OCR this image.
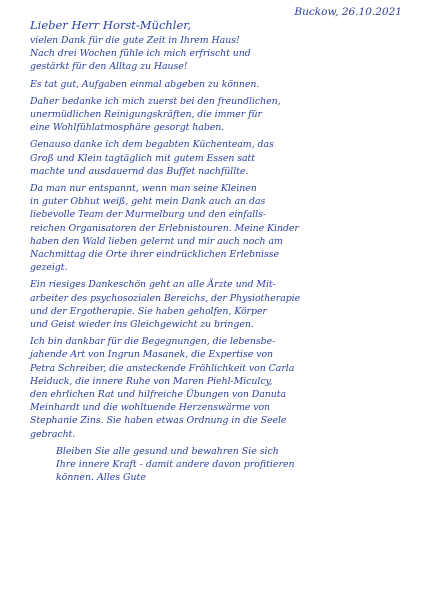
Buckow, 26.10.2021
Lieber Herr Horst-Müchler,
vielen Dank für die gute Zeit in Ihrem Haus!
Nach drei Wochen fühle ich mich erfrischt und
gestärkt für den Alltag zu Hause!
Es tat gut, Aufgaben einmal abgeben zu können.
Daher bedanke ich mich zuerst bei den freundlichen,
unermüdlichen Reinigungskräften, die immer für
eine Wohlfühlatmosphäre gesorgt haben.
Genauso danke ich dem begabten Küchenteam, das
Groß und Klein tagtäglich mit gutem Essen satt
machte und ausdauernd das Buffet nachfüllte.
Da man nur entspannt, wenn man seine Kleinen
in guter Obhut weiß, geht mein Dank auch an das
liebevolle Team der Murmelburg und den einfalls-
reichen Organisatoren der Erlebnistouren. Meine Kinder
haben den Wald lieben gelernt und mir auch noch am
Nachmittag die Orte ihrer eindrücklichen Erlebnisse
gezeigt.
Ein riesiges Dankeschön geht an alle Ärzte und Mit-
arbeiter des psychosozialen Bereichs, der Physiotherapie
und der Ergotherapie. Sie haben geholfen, Körper
und Geist wieder ins Gleichgewicht zu bringen.
Ich bin dankbar für die Begegnungen, die lebensbe-
jahende Art von Ingrun Masanek, die Expertise von
Petra Schreiber, die ansteckende Fröhlichkeit von Carla
Heiduck, die innere Ruhe von Maren Piehl-Miculcy,
den ehrlichen Rat und hilfreiche Übungen von Danuta
Meinhardt und die wohltuende Herzenswärme von
Stephanie Zins. Sie haben etwas Ordnung in die Seele
gebracht.
Bleiben Sie alle gesund und bewahren Sie sich
Ihre innere Kraft - damit andere davon profitieren
können. Alles Gute
